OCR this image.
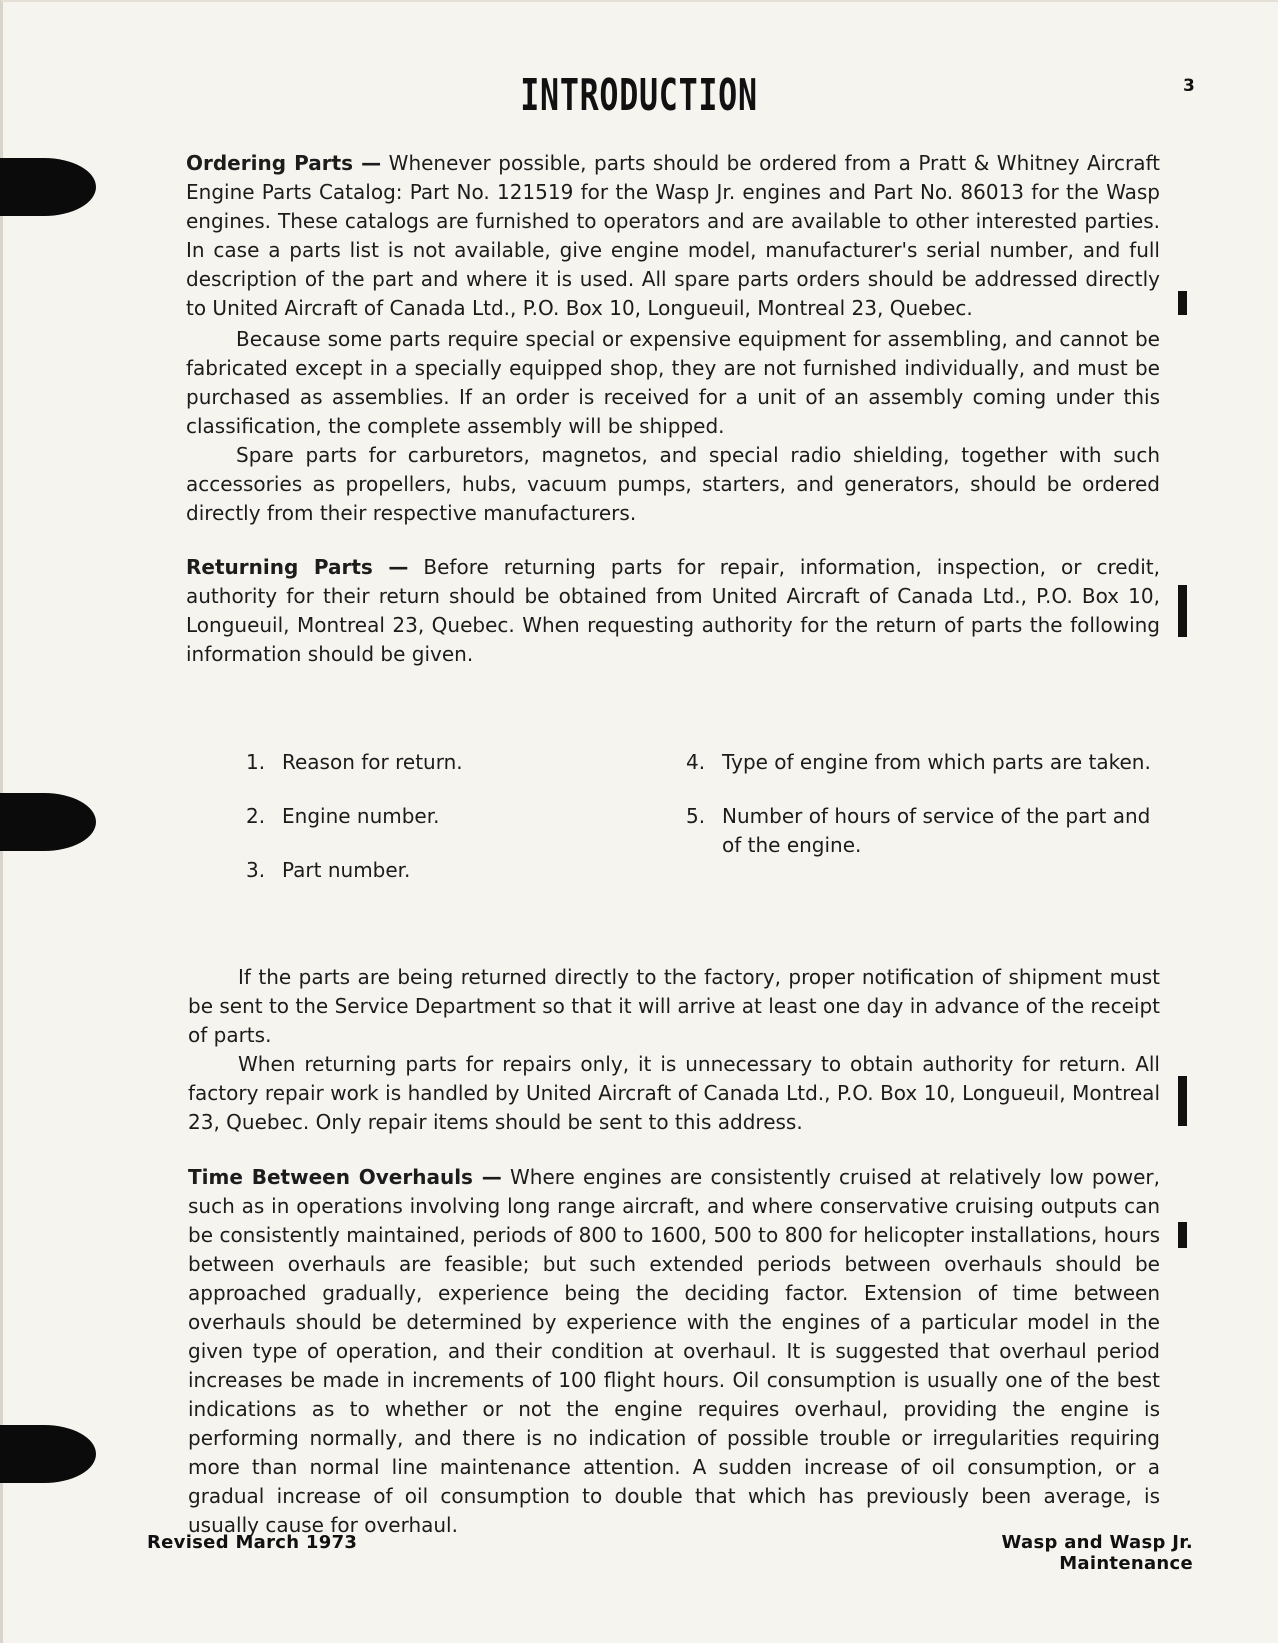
INTRODUCTION	3
Ordering Parts — Whenever possible, parts should be ordered from a Pratt & Whitney Aircraft Engine Parts Catalog: Part No. 121519 for the Wasp Jr. engines and Part No. 86013 for the Wasp engines. These catalogs are furnished to operators and are available to other interested parties. In case a parts list is not available, give engine model, manufacturer's serial number, and full description of the part and where it is used. All spare parts orders should be addressed directly to United Aircraft of Canada Ltd., P.O. Box 10, Longueuil, Montreal 23, Quebec.
Because some parts require special or expensive equipment for assembling, and cannot be fabricated except in a specially equipped shop, they are not furnished individually, and must be purchased as assemblies. If an order is received for a unit of an assembly coming under this classification, the complete assembly will be shipped.
Spare parts for carburetors, magnetos, and special radio shielding, together with such accessories as propellers, hubs, vacuum pumps, starters, and generators, should be ordered directly from their respective manufacturers.
Returning Parts — Before returning parts for repair, information, inspection, or credit, authority for their return should be obtained from United Aircraft of Canada Ltd., P.O. Box 10, Longueuil, Montreal 23, Quebec. When requesting authority for the return of parts the following information should be given.
1. Reason for return.
2. Engine number.
3. Part number.
4. Type of engine from which parts are taken.
5. Number of hours of service of the part and of the engine.
If the parts are being returned directly to the factory, proper notification of shipment must be sent to the Service Department so that it will arrive at least one day in advance of the receipt of parts.
When returning parts for repairs only, it is unnecessary to obtain authority for return. All factory repair work is handled by United Aircraft of Canada Ltd., P.O. Box 10, Longueuil, Montreal 23, Quebec. Only repair items should be sent to this address.
Time Between Overhauls — Where engines are consistently cruised at relatively low power, such as in operations involving long range aircraft, and where conservative cruising outputs can be consistently maintained, periods of 800 to 1600, 500 to 800 for helicopter installations, hours between overhauls are feasible; but such extended periods between overhauls should be approached gradually, experience being the deciding factor. Extension of time between overhauls should be determined by experience with the engines of a particular model in the given type of operation, and their condition at overhaul. It is suggested that overhaul period increases be made in increments of 100 flight hours. Oil consumption is usually one of the best indications as to whether or not the engine requires overhaul, providing the engine is performing normally, and there is no indication of possible trouble or irregularities requiring more than normal line maintenance attention. A sudden increase of oil consumption, or a gradual increase of oil consumption to double that which has previously been average, is usually cause for overhaul.
Revised March 1973	Wasp and Wasp Jr. Maintenance
